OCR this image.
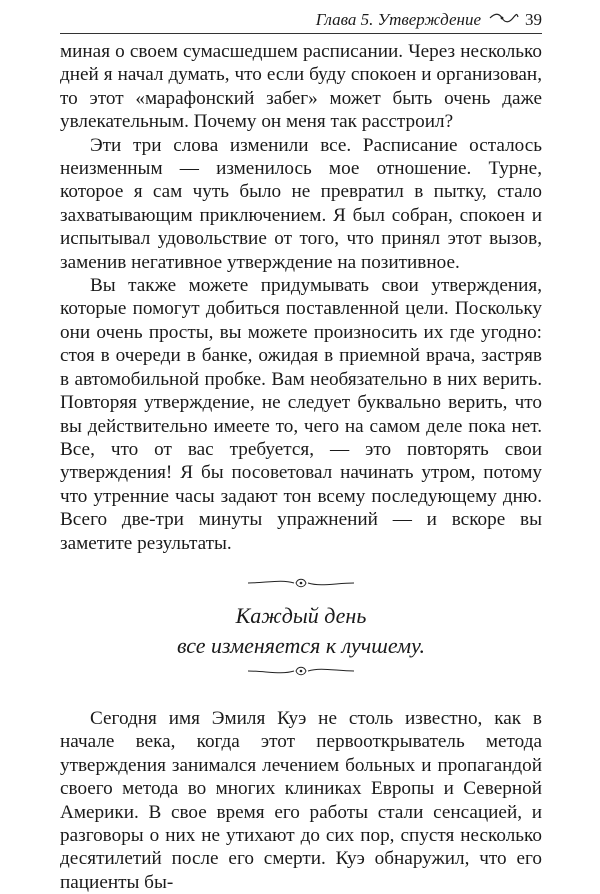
Глава 5.
Утверждение	39

миная о своем сумасшедшем расписании. Через несколько дней я начал думать, что если буду спокоен и организован, то этот «марафонский забег» может быть очень даже увлекательным. Почему он меня так расстроил?

Эти три слова изменили все. Расписание осталось неизменным — изменилось мое отношение. Турне, которое я сам чуть было не превратил в пытку, стало захватывающим приключением. Я был собран, спокоен и испытывал удовольствие от того, что принял этот вызов, заменив негативное утверждение на позитивное.

Вы также можете придумывать свои утверждения, которые помогут добиться поставленной цели. Поскольку они очень просты, вы можете произносить их где угодно: стоя в очереди в банке, ожидая в приемной врача, застряв в автомобильной пробке. Вам необязательно в них верить. Повторяя утверждение, не следует буквально верить, что вы действительно имеете то, чего на самом деле пока нет. Все, что от вас требуется, — это повторять свои утверждения! Я бы посоветовал начинать утром, потому что утренние часы задают тон всему последующему дню. Всего две-три минуты упражнений — и вскоре вы заметите результаты.

Каждый день
все изменяется к лучшему.

Сегодня имя Эмиля Куэ не столь известно, как в начале века, когда этот первооткрыватель метода утверждения занимался лечением больных и пропагандой своего метода во многих клиниках Европы и Северной Америки. В свое время его работы стали сенсацией, и разговоры о них не утихают до сих пор, спустя несколько десятилетий после его смерти. Куэ обнаружил, что его пациенты бы-
